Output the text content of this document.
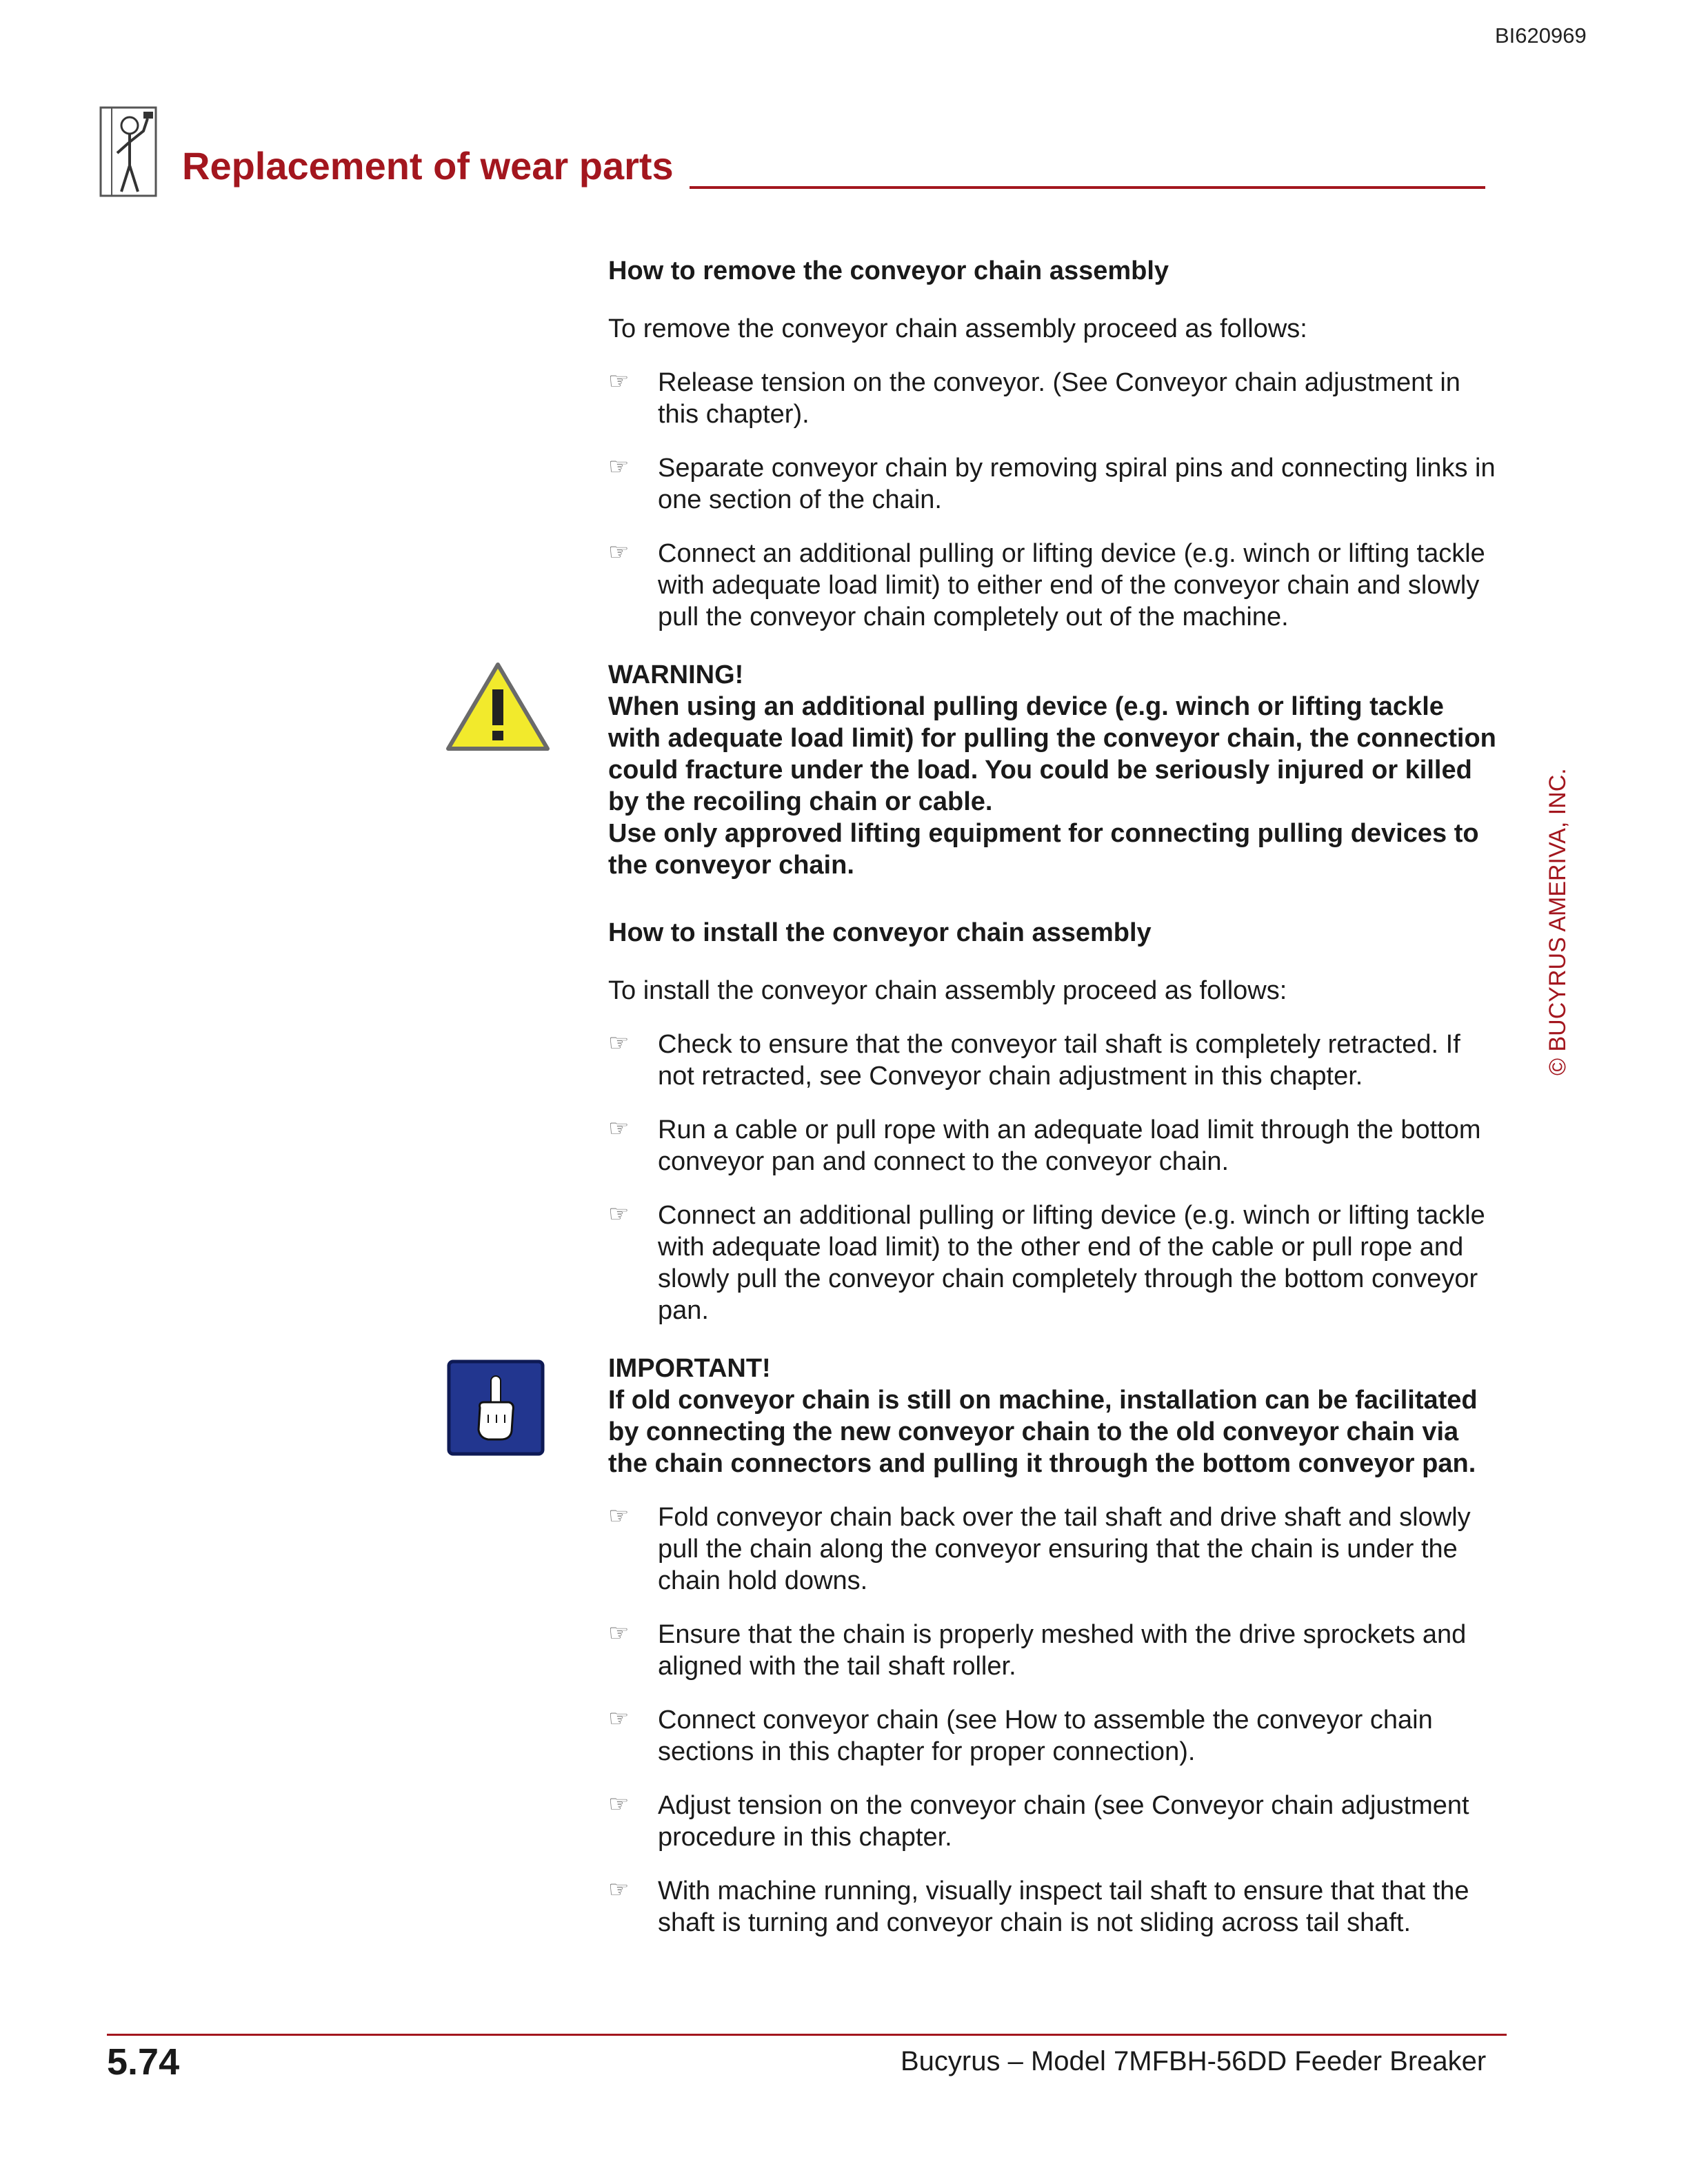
BI620969
Replacement of wear parts

How to remove the conveyor chain assembly

To remove the conveyor chain assembly proceed as follows:

☞	Release tension on the conveyor. (See Conveyor chain adjustment in this chapter).
☞	Separate conveyor chain by removing spiral pins and connecting links in one section of the chain.
☞	Connect an additional pulling or lifting device (e.g. winch or lifting tackle with adequate load limit) to either end of the conveyor chain and slowly pull the conveyor chain completely out of the machine.

WARNING!

When using an additional pulling device (e.g. winch or lifting tackle with adequate load limit) for pulling the conveyor chain, the connection could fracture under the load. You could be seriously injured or killed by the recoiling chain or cable.

Use only approved lifting equipment for connecting pulling devices to the conveyor chain.

How to install the conveyor chain assembly

To install the conveyor chain assembly proceed as follows:

☞	Check to ensure that the conveyor tail shaft is completely retracted. If not retracted, see Conveyor chain adjustment in this chapter.
☞	Run a cable or pull rope with an adequate load limit through the bottom conveyor pan and connect to the conveyor chain.
☞	Connect an additional pulling or lifting device (e.g. winch or lifting tackle with adequate load limit) to the other end of the cable or pull rope and slowly pull the conveyor chain completely through the bottom conveyor pan.

IMPORTANT!

If old conveyor chain is still on machine, installation can be facilitated by connecting the new conveyor chain to the old conveyor chain via the chain connectors and pulling it through the bottom conveyor pan.

☞	Fold conveyor chain back over the tail shaft and drive shaft and slowly pull the chain along the conveyor ensuring that the chain is under the chain hold downs.
☞	Ensure that the chain is properly meshed with the drive sprockets and aligned with the tail shaft roller.
☞	Connect conveyor chain (see How to assemble the conveyor chain sections in this chapter for proper connection).
☞	Adjust tension on the conveyor chain (see Conveyor chain adjustment procedure in this chapter.
☞	With machine running, visually inspect tail shaft to ensure that that the shaft is turning and conveyor chain is not sliding across tail shaft.
© BUCYRUS AMERIVA, INC.
5.74	Bucyrus – Model 7MFBH-56DD Feeder Breaker
